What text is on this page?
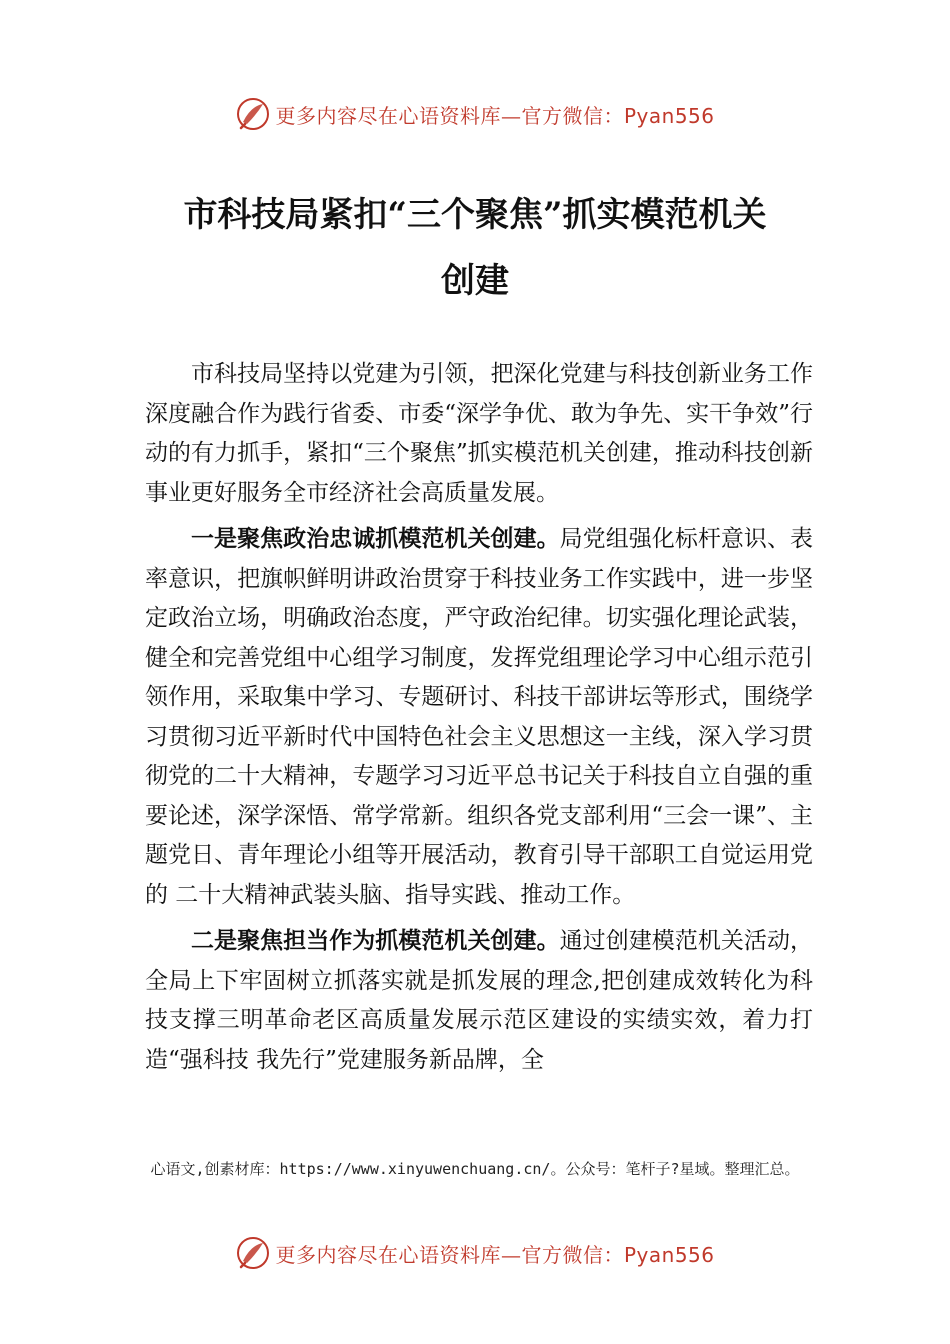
更多内容尽在心语资料库—官方微信：Pyan556
市科技局紧扣“三个聚焦”抓实模范机关
创建

市科技局坚持以党建为引领，把深化党建与科技创新业务工作深度融合作为践行省委、市委“深学争优、敢为争先、实干争效”行动的有力抓手，紧扣“三个聚焦”抓实模范机关创建，推动科技创新事业更好服务全市经济社会高质量发展。

一是聚焦政治忠诚抓模范机关创建。局党组强化标杆意识、表率意识，把旗帜鲜明讲政治贯穿于科技业务工作实践中，进一步坚定政治立场，明确政治态度，严守政治纪律。切实强化理论武装，健全和完善党组中心组学习制度，发挥党组理论学习中心组示范引领作用，采取集中学习、专题研讨、科技干部讲坛等形式，围绕学习贯彻习近平新时代中国特色社会主义思想这一主线，深入学习贯彻党的二十大精神，专题学习习近平总书记关于科技自立自强的重要论述，深学深悟、常学常新。组织各党支部利用“三会一课”、主题党日、青年理论小组等开展活动，教育引导干部职工自觉运用党的 二十大精神武装头脑、指导实践、推动工作。

二是聚焦担当作为抓模范机关创建。通过创建模范机关活动，全局上下牢固树立抓落实就是抓发展的理念,把创建成效转化为科技支撑三明革命老区高质量发展示范区建设的实绩实效，着力打造“强科技 我先行”党建服务新品牌，全

心语文,创素材库：https://www.xinyuwenchuang.cn/。公众号：笔杆子?星域。整理汇总。
更多内容尽在心语资料库—官方微信：Pyan556
